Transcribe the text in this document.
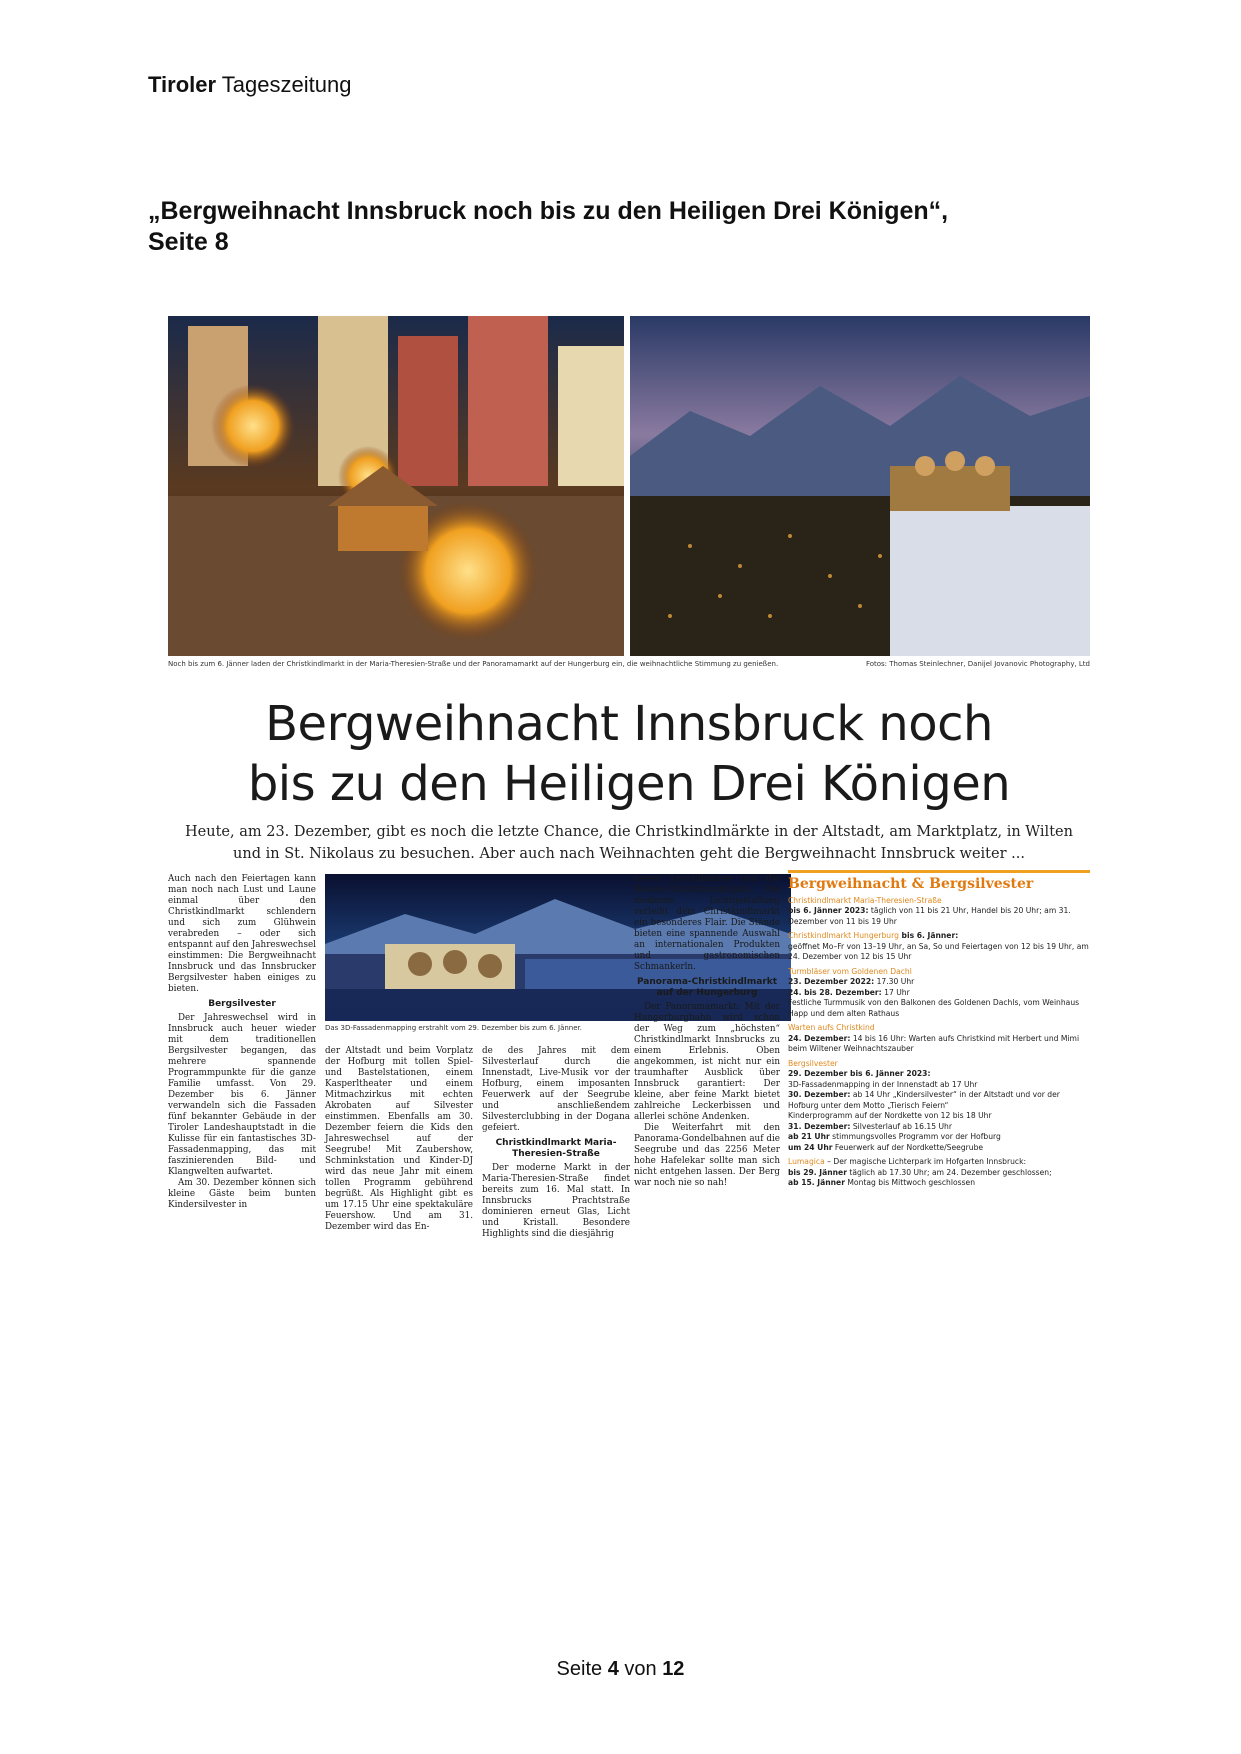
Tiroler Tageszeitung
„Bergweihnacht Innsbruck noch bis zu den Heiligen Drei Königen“,
Seite 8
Noch bis zum 6. Jänner laden der Christkindlmarkt in der Maria-Theresien-Straße und der Panoramamarkt auf der Hungerburg ein, die weihnachtliche Stimmung zu genießen.	Fotos: Thomas Steinlechner, Danijel Jovanovic Photography, Ltd
Bergweihnacht Innsbruck noch
bis zu den Heiligen Drei Königen
Heute, am 23. Dezember, gibt es noch die letzte Chance, die Christkindlmärkte in der Altstadt, am Marktplatz, in Wilten
und in St. Nikolaus zu besuchen. Aber auch nach Weihnachten geht die Bergweihnacht Innsbruck weiter ...

Auch nach den Feiertagen kann man noch nach Lust und Laune einmal über den Christkindlmarkt schlendern und sich zum Glühwein verabreden – oder sich entspannt auf den Jahreswechsel einstimmen: Die Bergweihnacht Innsbruck und das Innsbrucker Bergsilvester haben einiges zu bieten.

Bergsilvester

Der Jahreswechsel wird in Innsbruck auch heuer wieder mit dem traditionellen Bergsilvester begangen, das mehrere spannende Programmpunkte für die ganze Familie umfasst. Von 29. Dezember bis 6. Jänner verwandeln sich die Fassaden fünf bekannter Gebäude in der Tiroler Landeshauptstadt in die Kulisse für ein fantastisches 3D-Fassadenmapping, das mit faszinierenden Bild- und Klangwelten aufwartet.

Am 30. Dezember können sich kleine Gäste beim bunten Kindersilvester in

Das 3D-Fassadenmapping erstrahlt vom 29. Dezember bis zum 6. Jänner.

der Altstadt und beim Vorplatz der Hofburg mit tollen Spiel- und Bastelstationen, einem Kasperltheater und einem Mitmachzirkus mit echten Akrobaten auf Silvester einstimmen. Ebenfalls am 30. Dezember feiern die Kids den Jahreswechsel auf der Seegrube! Mit Zaubershow, Schminkstation und Kinder-DJ wird das neue Jahr mit einem tollen Programm gebührend begrüßt. Als Highlight gibt es um 17.15 Uhr eine spektakuläre Feuershow. Und am 31. Dezember wird das En-

de des Jahres mit dem Silvesterlauf durch die Innenstadt, Live-Musik vor der Hofburg, einem imposanten Feuerwerk auf der Seegrube und anschließendem Silvesterclubbing in der Dogana gefeiert.

Christkindlmarkt Maria-Theresien-Straße

Der moderne Markt in der Maria-Theresien-Straße findet bereits zum 16. Mal statt. In Innsbrucks Prachtstraße dominieren erneut Glas, Licht und Kristall. Besondere Highlights sind die diesjährig

neuen Leuchtbäume und die Riesen-Christbaumkugeln. Die moderne Lichtgestaltung verleiht dem Christkindlmarkt ein besonderes Flair. Die Stände bieten eine spannende Auswahl an internationalen Produkten und gastronomischen Schmankerln.

Panorama-Christkindlmarkt auf der Hungerburg

Der Panoramamarkt: Mit der Hungerburgbahn wird schon der Weg zum „höchsten“ Christkindlmarkt Innsbrucks zu einem Erlebnis. Oben angekommen, ist nicht nur ein traumhafter Ausblick über Innsbruck garantiert: Der kleine, aber feine Markt bietet zahlreiche Leckerbissen und allerlei schöne Andenken.

Die Weiterfahrt mit den Panorama-Gondelbahnen auf die Seegrube und das 2256 Meter hohe Hafelekar sollte man sich nicht entgehen lassen. Der Berg war noch nie so nah!

Bergweihnacht & Bergsilvester
Christkindlmarkt Maria-Theresien-Straße
bis 6. Jänner 2023: täglich von 11 bis 21 Uhr, Handel bis 20 Uhr; am 31. Dezember von 11 bis 19 Uhr
Christkindlmarkt Hungerburg bis 6. Jänner:
geöffnet Mo–Fr von 13–19 Uhr, an Sa, So und Feiertagen von 12 bis 19 Uhr, am 24. Dezember von 12 bis 15 Uhr
Turmbläser vom Goldenen Dachl
23. Dezember 2022: 17.30 Uhr
24. bis 28. Dezember: 17 Uhr
Festliche Turmmusik von den Balkonen des Goldenen Dachls, vom Weinhaus Happ und dem alten Rathaus
Warten aufs Christkind
24. Dezember: 14 bis 16 Uhr: Warten aufs Christkind mit Herbert und Mimi beim Wiltener Weihnachtszauber
Bergsilvester
29. Dezember bis 6. Jänner 2023:
3D-Fassadenmapping in der Innenstadt ab 17 Uhr
30. Dezember: ab 14 Uhr „Kindersilvester“ in der Altstadt und vor der Hofburg unter dem Motto „Tierisch Feiern“
Kinderprogramm auf der Nordkette von 12 bis 18 Uhr
31. Dezember: Silvesterlauf ab 16.15 Uhr
ab 21 Uhr stimmungsvolles Programm vor der Hofburg
um 24 Uhr Feuerwerk auf der Nordkette/Seegrube
Lumagica – Der magische Lichterpark im Hofgarten Innsbruck:
bis 29. Jänner täglich ab 17.30 Uhr; am 24. Dezember geschlossen;
ab 15. Jänner Montag bis Mittwoch geschlossen
Seite 4 von 12
